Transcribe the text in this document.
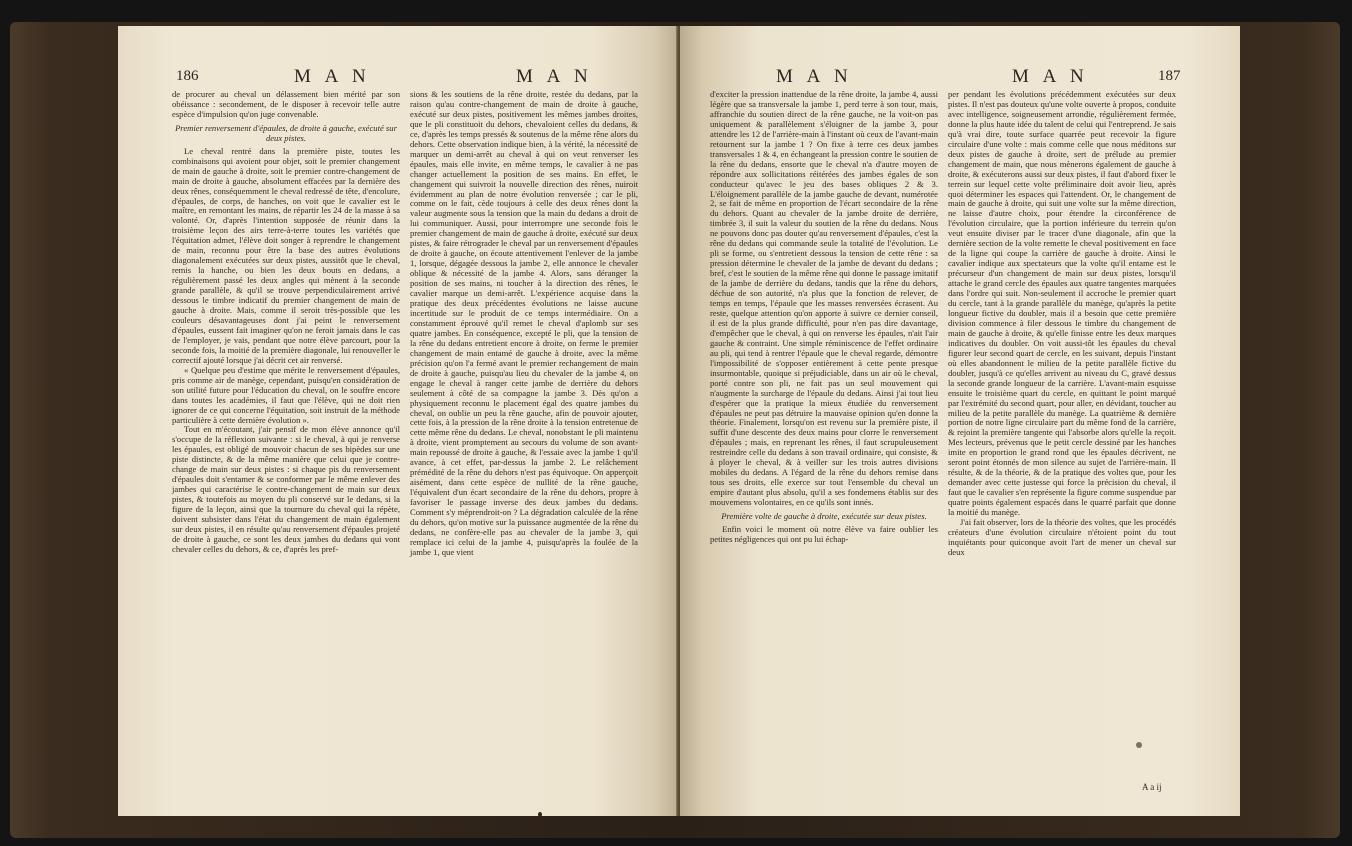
186	M A N	M A N

de procurer au cheval un délassement bien mérité par son obéissance : secondement, de le disposer à recevoir telle autre espèce d'impulsion qu'on juge convenable.

Premier renversement d'épaules, de droite à gauche, exécuté sur deux pistes.

Le cheval rentré dans la première piste, toutes les combinaisons qui avoient pour objet, soit le premier changement de main de gauche à droite, soit le premier contre-changement de main de droite à gauche, absolument effacées par la dernière des deux rênes, conséquemment le cheval redressé de tête, d'encolure, d'épaules, de corps, de hanches, on voit que le cavalier est le maître, en remontant les mains, de répartir les 24 de la masse à sa volonté. Or, d'après l'intention supposée de réunir dans la troisième leçon des airs terre-à-terre toutes les variétés que l'équitation admet, l'élève doit songer à reprendre le changement de main, reconnu pour être la base des autres évolutions diagonalement exécutées sur deux pistes, aussitôt que le cheval, remis la hanche, ou bien les deux bouts en dedans, a régulièrement passé les deux angles qui mènent à la seconde grande parallèle, & qu'il se trouve perpendiculairement arrivé dessous le timbre indicatif du premier changement de main de gauche à droite. Mais, comme il seroit très-possible que les couleurs désavantageuses dont j'ai peint le renversement d'épaules, eussent fait imaginer qu'on ne feroit jamais dans le cas de l'employer, je vais, pendant que notre élève parcourt, pour la seconde fois, la moitié de la première diagonale, lui renouveller le correctif ajouté lorsque j'ai décrit cet air renversé.

« Quelque peu d'estime que mérite le renversement d'épaules, pris comme air de manège, cependant, puisqu'en considération de son utilité future pour l'éducation du cheval, on le souffre encore dans toutes les académies, il faut que l'élève, qui ne doit rien ignorer de ce qui concerne l'équitation, soit instruit de la méthode particulière à cette dernière évolution ».

Tout en m'écoutant, j'air pensif de mon élève annonce qu'il s'occupe de la réflexion suivante : si le cheval, à qui je renverse les épaules, est obligé de mouvoir chacun de ses bipèdes sur une piste distincte, & de la même manière que celui que je contre-change de main sur deux pistes : si chaque pis du renversement d'épaules doit s'entamer & se conformer par le même enlever des jambes qui caractérise le contre-changement de main sur deux pistes, & toutefois au moyen du pli conservé sur le dedans, si la figure de la leçon, ainsi que la tournure du cheval qui la répète, doivent subsister dans l'état du changement de main également sur deux pistes, il en résulte qu'au renversement d'épaules projeté de droite à gauche, ce sont les deux jambes du dedans qui vont chevaler celles du dehors, & ce, d'après les pref-

sions & les soutiens de la rêne droite, restée du dedans, par la raison qu'au contre-changement de main de droite à gauche, exécuté sur deux pistes, positivement les mêmes jambes droites, que le pli constituoit du dehors, chevaloient celles du dedans, & ce, d'après les temps pressés & soutenus de la même rêne alors du dehors. Cette observation indique bien, à la vérité, la nécessité de marquer un demi-arrêt au cheval à qui on veut renverser les épaules, mais elle invite, en même temps, le cavalier à ne pas changer actuellement la position de ses mains. En effet, le changement qui suivroit la nouvelle direction des rênes, nuiroit évidemment au plan de notre évolution renversée ; car le pli, comme on le fait, cède toujours à celle des deux rênes dont la valeur augmente sous la tension que la main du dedans a droit de lui communiquer. Aussi, pour interrompre une seconde fois le premier changement de main de gauche à droite, exécuté sur deux pistes, & faire rétrograder le cheval par un renversement d'épaules de droite à gauche, on écoute attentivement l'enlever de la jambe 1, lorsque, dégagée dessous la jambe 2, elle annonce le chevaler oblique & nécessité de la jambe 4. Alors, sans déranger la position de ses mains, ni toucher à la direction des rênes, le cavalier marque un demi-arrêt. L'expérience acquise dans la pratique des deux précédentes évolutions ne laisse aucune incertitude sur le produit de ce temps intermédiaire. On a constamment éprouvé qu'il remet le cheval d'aplomb sur ses quatre jambes. En conséquence, excepté le pli, que la tension de la rêne du dedans entretient encore à droite, on ferme le premier changement de main entamé de gauche à droite, avec la même précision qu'on l'a fermé avant le premier rechangement de main de droite à gauche, puisqu'au lieu du chevaler de la jambe 4, on engage le cheval à ranger cette jambe de derrière du dehors seulement à côté de sa compagne la jambe 3. Dès qu'on a physiquement reconnu le placement égal des quatre jambes du cheval, on oublie un peu la rêne gauche, afin de pouvoir ajouter, cette fois, à la pression de la rêne droite à la tension entretenue de cette même rêne du dedans. Le cheval, nonobstant le pli maintenu à droite, vient promptement au secours du volume de son avant-main repoussé de droite à gauche, & l'essaie avec la jambe 1 qu'il avance, à cet effet, par-dessus la jambe 2. Le relâchement prémédité de la rêne du dehors n'est pas équivoque. On apperçoit aisément, dans cette espèce de nullité de la rêne gauche, l'équivalent d'un écart secondaire de la rêne du dehors, propre à favoriser le passage inverse des deux jambes du dedans. Comment s'y méprendroit-on ? La dégradation calculée de la rêne du dehors, qu'on motive sur la puissance augmentée de la rêne du dedans, ne confère-elle pas au chevaler de la jambe 3, qui remplace ici celui de la jambe 4, puisqu'après la foulée de la jambe 1, que vient

M A N	M A N	187

d'exciter la pression inattendue de la rêne droite, la jambe 4, aussi légère que sa transversale la jambe 1, perd terre à son tour, mais, affranchie du soutien direct de la rêne gauche, ne la voit-on pas uniquement & parallèlement s'éloigner de la jambe 3, pour attendre les 12 de l'arrière-main à l'instant où ceux de l'avant-main retournent sur la jambe 1 ? On fixe à terre ces deux jambes transversales 1 & 4, en échangeant la pression contre le soutien de la rêne du dedans, ensorte que le cheval n'a d'autre moyen de répondre aux sollicitations réitérées des jambes égales de son conducteur qu'avec le jeu des bases obliques 2 & 3. L'éloignement parallèle de la jambe gauche de devant, numérotée 2, se fait de même en proportion de l'écart secondaire de la rêne du dehors. Quant au chevaler de la jambe droite de derrière, timbrée 3, il suit la valeur du soutien de la rêne du dedans. Nous ne pouvons donc pas douter qu'au renversement d'épaules, c'est la rêne du dedans qui commande seule la totalité de l'évolution. Le pli se forme, ou s'entretient dessous la tension de cette rêne : sa pression détermine le chevaler de la jambe de devant du dedans ; bref, c'est le soutien de la même rêne qui donne le passage imitatif de la jambe de derrière du dedans, tandis que la rêne du dehors, déchue de son autorité, n'a plus que la fonction de relever, de temps en temps, l'épaule que les masses renversées écrasent. Au reste, quelque attention qu'on apporte à suivre ce dernier conseil, il est de la plus grande difficulté, pour n'en pas dire davantage, d'empêcher que le cheval, à qui on renverse les épaules, n'ait l'air gauche & contraint. Une simple réminiscence de l'effet ordinaire au pli, qui tend à rentrer l'épaule que le cheval regarde, démontre l'impossibilité de s'opposer entièrement à cette pente presque insurmontable, quoique si préjudiciable, dans un air où le cheval, porté contre son pli, ne fait pas un seul mouvement qui n'augmente la surcharge de l'épaule du dedans. Ainsi j'ai tout lieu d'espérer que la pratique la mieux étudiée du renversement d'épaules ne peut pas détruire la mauvaise opinion qu'en donne la théorie. Finalement, lorsqu'on est revenu sur la première piste, il suffit d'une descente des deux mains pour clorre le renversement d'épaules ; mais, en reprenant les rênes, il faut scrupuleusement restreindre celle du dedans à son travail ordinaire, qui consiste, & à ployer le cheval, & à veiller sur les trois autres divisions mobiles du dedans. A l'égard de la rêne du dehors remise dans tous ses droits, elle exerce sur tout l'ensemble du cheval un empire d'autant plus absolu, qu'il a ses fondemens établis sur des mouvemens volontaires, en ce qu'ils sont innés.

Première volte de gauche à droite, exécutée sur deux pistes.

Enfin voici le moment où notre élève va faire oublier les petites négligences qui ont pu lui échap-

per pendant les évolutions précédemment exécutées sur deux pistes. Il n'est pas douteux qu'une volte ouverte à propos, conduite avec intelligence, soigneusement arrondie, régulièrement fermée, donne la plus haute idée du talent de celui qui l'entreprend. Je sais qu'à vrai dire, toute surface quarrée peut recevoir la figure circulaire d'une volte : mais comme celle que nous méditons sur deux pistes de gauche à droite, sert de prélude au premier changement de main, que nous mènerons également de gauche à droite, & exécuterons aussi sur deux pistes, il faut d'abord fixer le terrein sur lequel cette volte préliminaire doit avoir lieu, après quoi déterminer les espaces qui l'attendent. Or, le changement de main de gauche à droite, qui suit une volte sur la même direction, ne laisse d'autre choix, pour étendre la circonférence de l'évolution circulaire, que la portion inférieure du terrein qu'on veut ensuite diviser par le tracer d'une diagonale, afin que la dernière section de la volte remette le cheval positivement en face de la ligne qui coupe la carrière de gauche à droite. Ainsi le cavalier indique aux spectateurs que la volte qu'il entame est le précurseur d'un changement de main sur deux pistes, lorsqu'il attache le grand cercle des épaules aux quatre tangentes marquées dans l'ordre qui suit. Non-seulement il accroche le premier quart du cercle, tant à la grande parallèle du manège, qu'après la petite longueur fictive du doubler, mais il a besoin que cette première division commence à filer dessous le timbre du changement de main de gauche à droite, & qu'elle finisse entre les deux marques indicatives du doubler. On voit aussi-tôt les épaules du cheval figurer leur second quart de cercle, en les suivant, depuis l'instant où elles abandonnent le milieu de la petite parallèle fictive du doubler, jusqu'à ce qu'elles arrivent au niveau du C, gravé dessus la seconde grande longueur de la carrière. L'avant-main esquisse ensuite le troisième quart du cercle, en quittant le point marqué par l'extrémité du second quart, pour aller, en dévidant, toucher au milieu de la petite parallèle du manège. La quatrième & dernière portion de notre ligne circulaire part du même fond de la carrière, & rejoint la première tangente qui l'absorbe alors qu'elle la reçoit. Mes lecteurs, prévenus que le petit cercle dessiné par les hanches imite en proportion le grand rond que les épaules décrivent, ne seront point étonnés de mon silence au sujet de l'arrière-main. Il résulte, & de la théorie, & de la pratique des voltes que, pour les demander avec cette justesse qui force la précision du cheval, il faut que le cavalier s'en représente la figure comme suspendue par quatre points également espacés dans le quarré parfait que donne la moitié du manège.

J'ai fait observer, lors de la théorie des voltes, que les procédés créateurs d'une évolution circulaire n'étoient point du tout inquiétants pour quiconque avoit l'art de mener un cheval sur deux

A a ij
